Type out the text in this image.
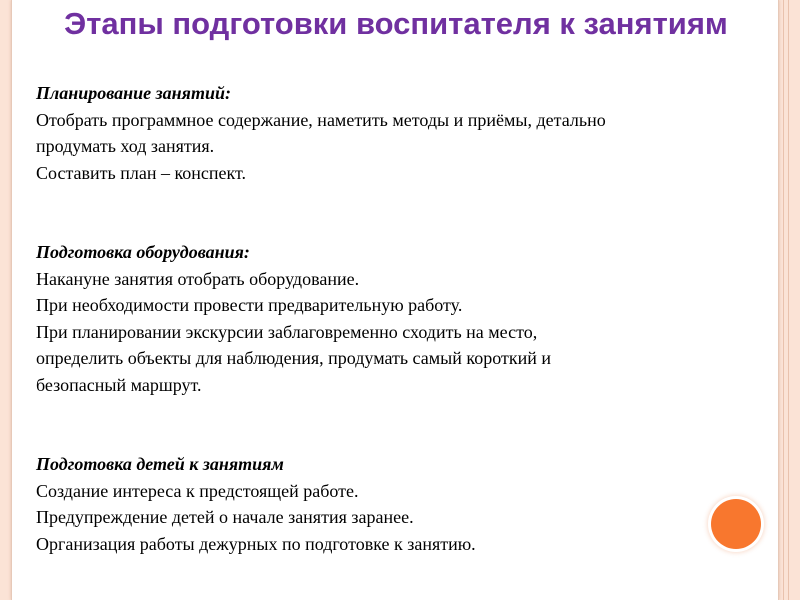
Этапы подготовки воспитателя к занятиям
Планирование занятий:
Отобрать программное содержание, наметить методы и приёмы, детально
продумать ход занятия.
Составить план – конспект.
Подготовка оборудования:
Накануне занятия отобрать оборудование.
При необходимости провести предварительную работу.
При планировании экскурсии заблаговременно сходить на место,
определить объекты для наблюдения, продумать самый короткий и
безопасный маршрут.
Подготовка детей к занятиям
Создание интереса к предстоящей работе.
Предупреждение детей о начале занятия заранее.
Организация работы дежурных по подготовке к занятию.
